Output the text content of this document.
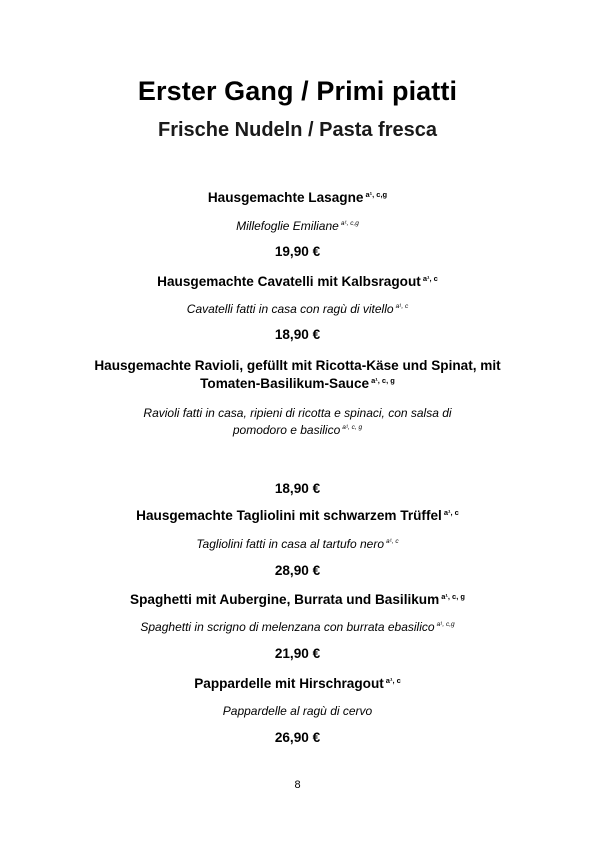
Erster Gang / Primi piatti
Frische Nudeln / Pasta fresca
Hausgemachte Lasagne $^{a^1, c,g}$
Millefoglie Emiliane $^{a^1, c,g}$
19,90 €
Hausgemachte Cavatelli mit Kalbsragout $^{a^1, c}$
Cavatelli fatti in casa con ragù di vitello $^{a^1, c}$
18,90 €
Hausgemachte Ravioli, gefüllt mit Ricotta-Käse und Spinat, mit
Tomaten-Basilikum-Sauce $^{a^1, c, g}$
Ravioli fatti in casa, ripieni di ricotta e spinaci, con salsa di
pomodoro e basilico $^{a^1, c, g}$
18,90 €
Hausgemachte Tagliolini mit schwarzem Trüffel $^{a^1, c}$
Tagliolini fatti in casa al tartufo nero $^{a^1, c}$
28,90 €
Spaghetti mit Aubergine, Burrata und Basilikum $^{a^1, c, g}$
Spaghetti in scrigno di melenzana con burrata ebasilico $^{a^1, c,g}$
21,90 €
Pappardelle mit Hirschragout $^{a^1, c}$
Pappardelle al ragù di cervo
26,90 €
8
